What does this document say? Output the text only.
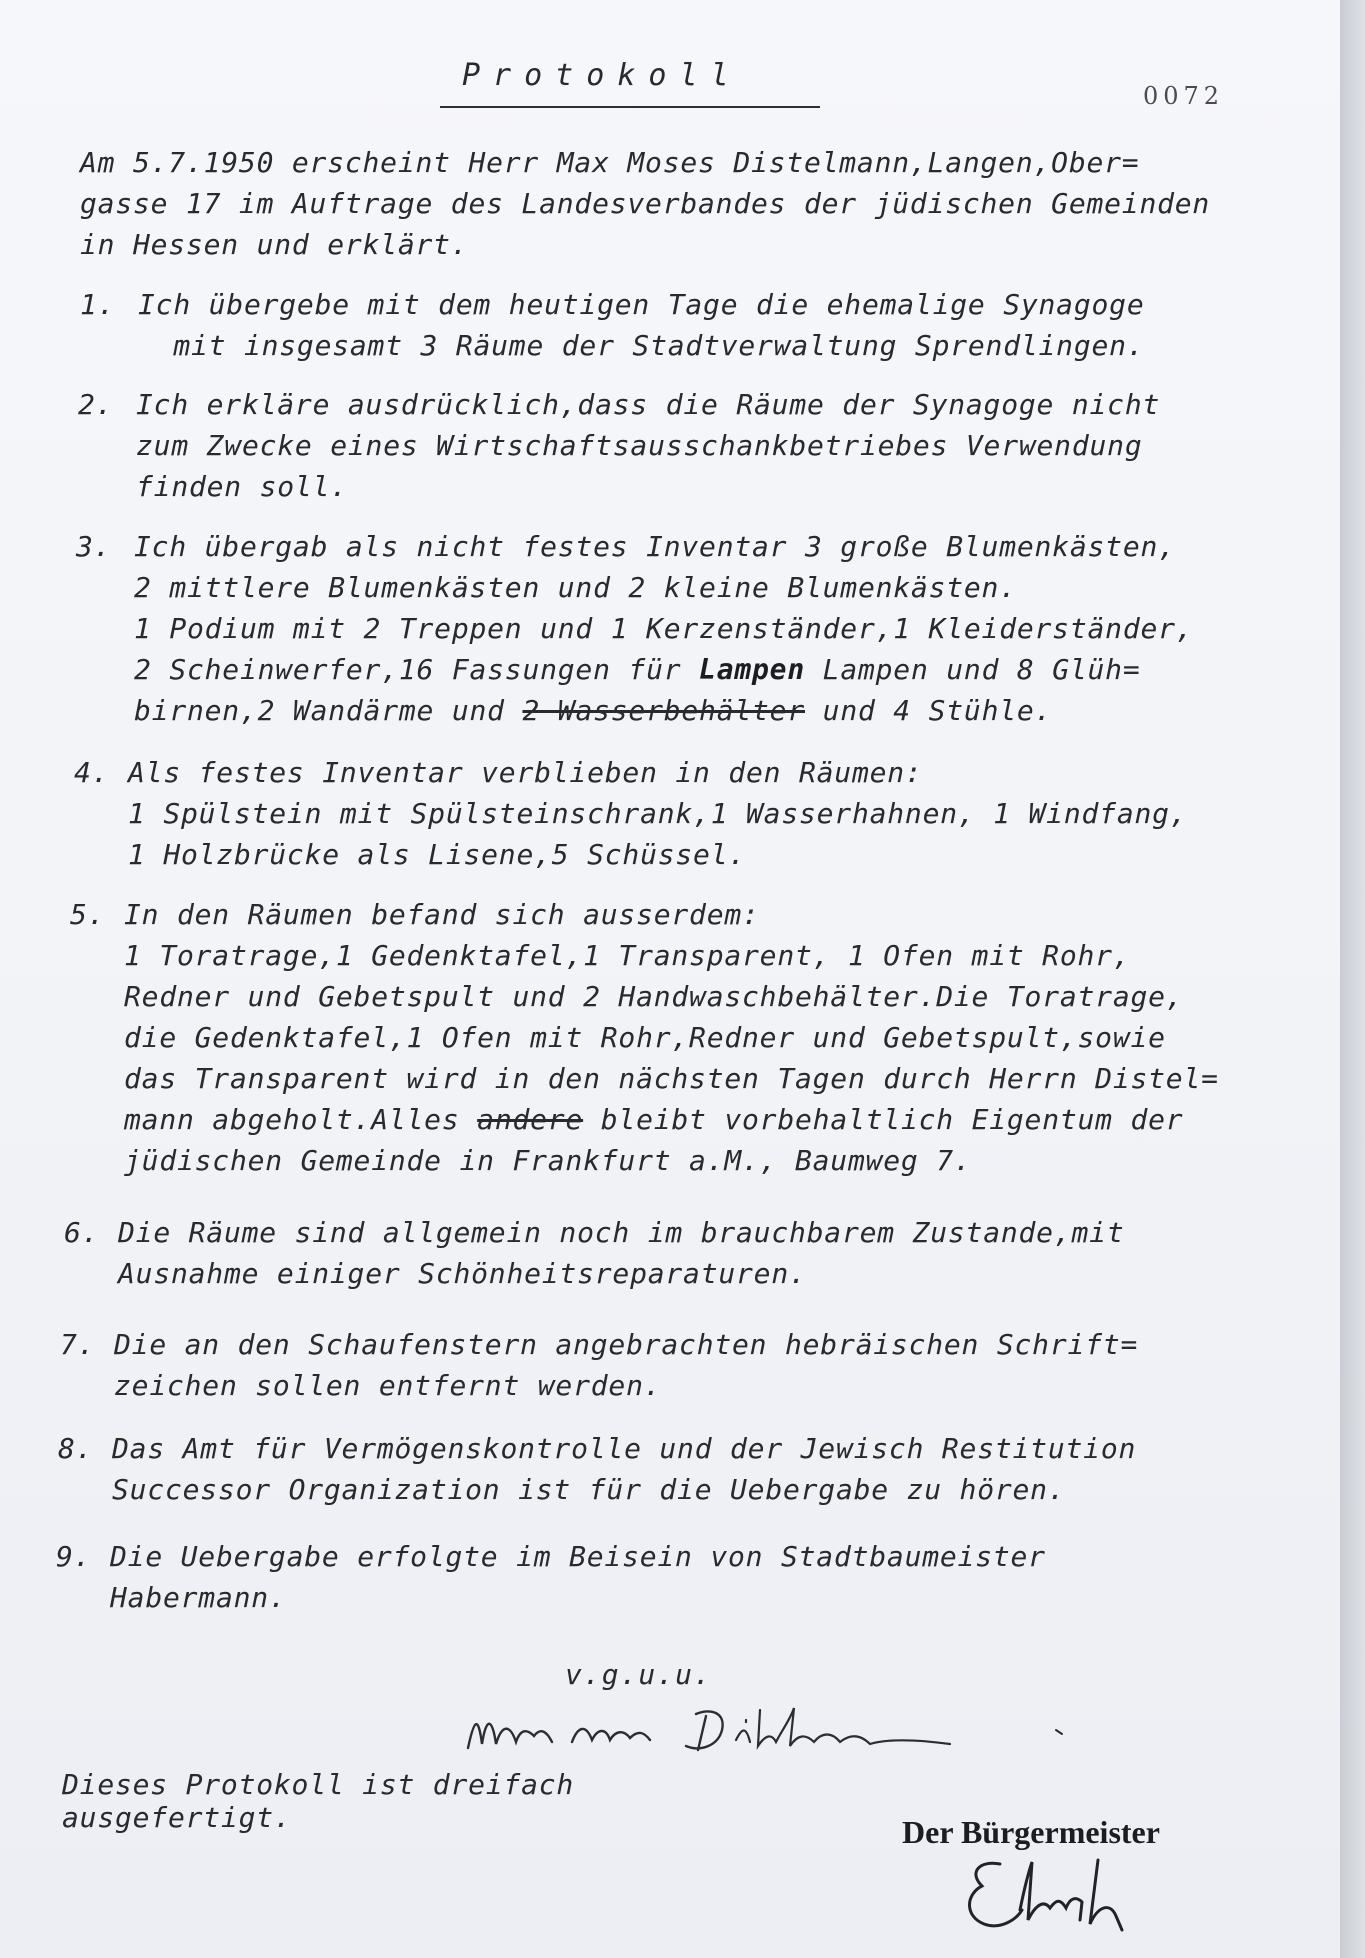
Protokoll
0072
Am 5.7.1950 erscheint Herr Max Moses Distelmann,Langen,Ober=
gasse 17 im Auftrage des Landesverbandes der jüdischen Gemeinden
in Hessen und erklärt.
1. Ich übergebe mit dem heutigen Tage die ehemalige Synagoge
mit insgesamt 3 Räume der Stadtverwaltung Sprendlingen.
2. Ich erkläre ausdrücklich,dass die Räume der Synagoge nicht
zum Zwecke eines Wirtschaftsausschankbetriebes Verwendung
finden soll.
3. Ich übergab als nicht festes Inventar 3 große Blumenkästen,
2 mittlere Blumenkästen und 2 kleine Blumenkästen.
1 Podium mit 2 Treppen und 1 Kerzenständer,1 Kleiderständer,
2 Scheinwerfer,16 Fassungen für Lampen Lampen und 8 Glüh=
birnen,2 Wandärme und 2 Wasserbehälter und 4 Stühle.
4. Als festes Inventar verblieben in den Räumen:
1 Spülstein mit Spülsteinschrank,1 Wasserhahnen, 1 Windfang,
1 Holzbrücke als Lisene,5 Schüssel.
5. In den Räumen befand sich ausserdem:
1 Toratrage,1 Gedenktafel,1 Transparent, 1 Ofen mit Rohr,
Redner und Gebetspult und 2 Handwaschbehälter.Die Toratrage,
die Gedenktafel,1 Ofen mit Rohr,Redner und Gebetspult,sowie
das Transparent wird in den nächsten Tagen durch Herrn Distel=
mann abgeholt.Alles andere bleibt vorbehaltlich Eigentum der
jüdischen Gemeinde in Frankfurt a.M., Baumweg 7.
6. Die Räume sind allgemein noch im brauchbarem Zustande,mit
Ausnahme einiger Schönheitsreparaturen.
7. Die an den Schaufenstern angebrachten hebräischen Schrift=
zeichen sollen entfernt werden.
8. Das Amt für Vermögenskontrolle und der Jewisch Restitution
Successor Organization ist für die Uebergabe zu hören.
9. Die Uebergabe erfolgte im Beisein von Stadtbaumeister
Habermann.
v.g.u.u.
Dieses Protokoll ist dreifach
ausgefertigt.	Der Bürgermeister
